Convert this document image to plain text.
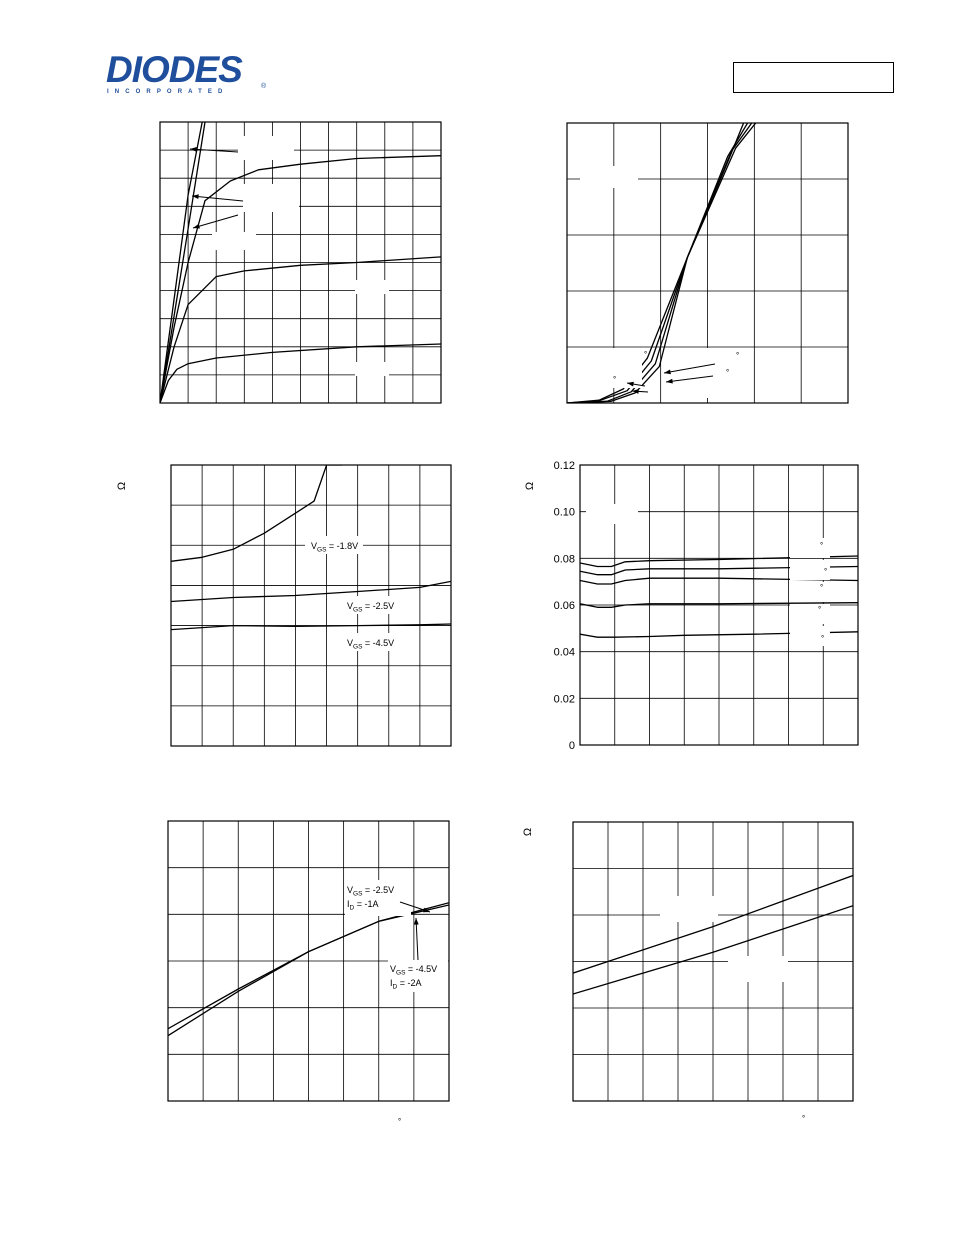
DIODES
INCORPORATED
®
°
°
°
°
Ω
$V_{GS} = -1.8V$
$V_{GS} = -2.5V$
$V_{GS} = -4.5V$
0.12
0.10
0.08
0.06
0.04
0.02
0
Ω
°
°
°
°
°
$V_{GS} = -2.5V$
$I_D = -1A$
$V_{GS} = -4.5V$
$I_D = -2A$
°
Ω
°
